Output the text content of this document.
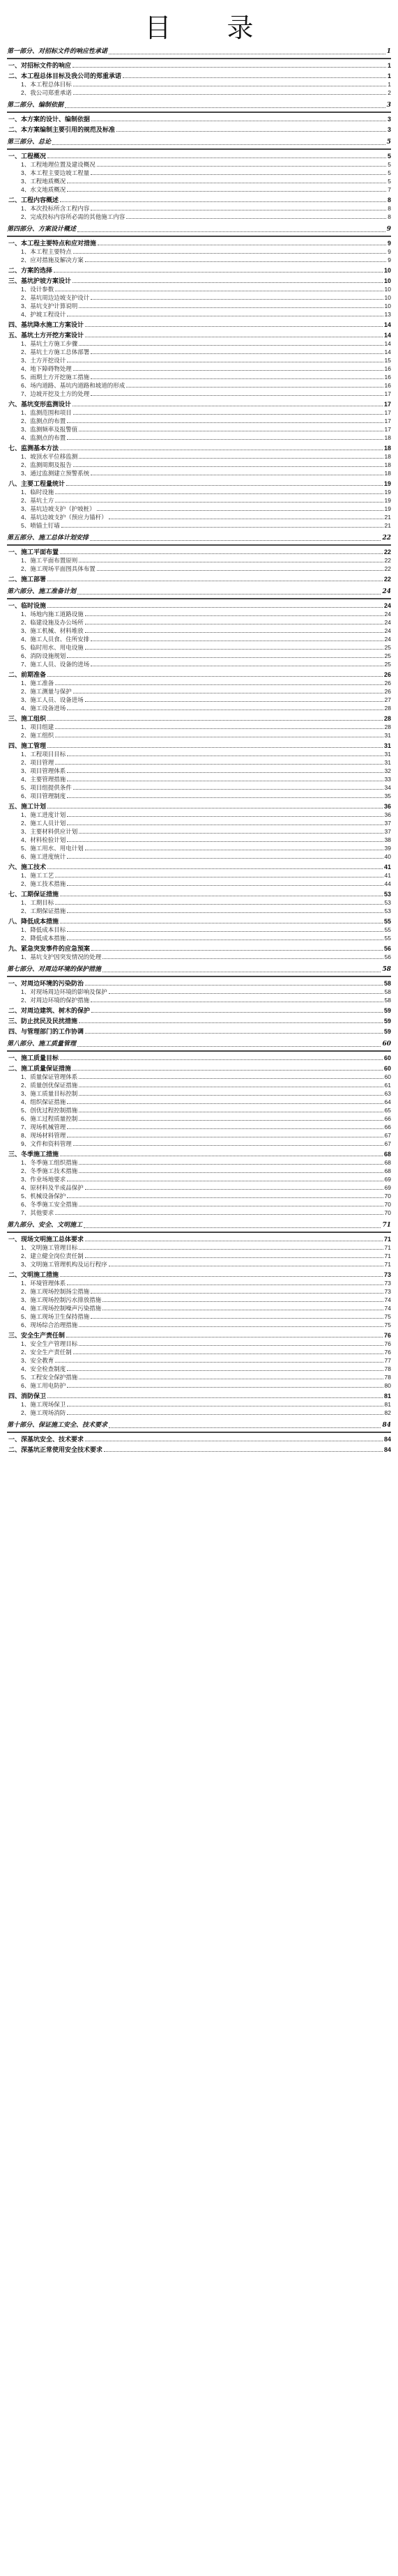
目 录
第一部分、对招标文件的响应性承诺	1
一、对招标文件的响应	1
二、本工程总体目标及我公司的郑重承诺	1
1、本工程总体目标	1
2、我公司郑重承诺	2
第二部分、编制依据	3
一、本方案的设计、编制依据	3
二、本方案编制主要引用的规范及标准	3
第三部分、总论	5
一、工程概况	5
1、工程地理位置及建设概况	5
3、本工程主要边坡工程量	5
3、工程地质概况	5
4、水文地质概况	7
二、工程内容概述	8
1、本次投标所含工程内容	8
2、完成投标内容所必需的其他施工内容	8
第四部分、方案设计概述	9
一、本工程主要特点和应对措施	9
1、本工程主要特点	9
2、应对措施及解决方案	9
二、方案的选择	10
三、基坑护坡方案设计	10
1、设计参数	10
2、基坑周边边坡支护设计	10
3、基坑支护计算说明	10
4、护坡工程设计	13
四、基坑降水施工方案设计	14
五、基坑土方开挖方案设计	14
1、基坑土方施工步骤	14
2、基坑土方施工总体部署	14
3、土方开挖设计	15
4、地下障碍物处理	16
5、雨期土方开挖施工措施	16
6、场内道路、基坑内道路和坡道的形成	16
7、边坡开挖及土方的处理	17
六、基坑变形监测设计	17
1、监测范围和项目	17
2、监测点的布置	17
3、监测频率及报警值	17
4、监测点的布置	18
七、监测基本方法	18
1、坡顶水平位移监测	18
2、监测周期及报告	18
3、通过监测建立预警系统	18
八、主要工程量统计	19
1、临时设施	19
2、基坑土方	19
3、基坑边坡支护（护坡桩）	19
4、基坑边坡支护（预应力锚杆）	21
5、喷锚土钉墙	21
第五部分、施工总体计划安排	22
一、施工平面布置	22
1、施工平面布置原则	22
2、施工现场平面图具体布置	22
二、施工部署	22
第六部分、施工准备计划	24
一、临时设施	24
1、场地内施工道路设施	24
2、临建设施及办公场所	24
3、施工机械、材料堆放	24
4、施工人员食、住所安排	24
5、临时用水、用电设施	25
6、消防设施规划	25
7、施工人员、设备的进场	25
二、前期准备	26
1、施工准备	26
2、施工测量与保护	26
3、施工人员、设备进场	27
4、施工设备进场	28
三、施工组织	28
1、项目组建	28
2、施工组织	31
四、施工管理	31
1、工程项目目标	31
2、项目管理	31
3、项目管理体系	32
4、主要管理措施	33
5、项目组提供条件	34
6、项目管理制度	35
五、施工计划	36
1、施工进度计划	36
2、施工人员计划	37
3、主要材料供应计划	37
4、材料检验计划	38
5、施工用水、用电计划	39
6、施工进度统计	40
六、施工技术	41
1、施工工艺	41
2、施工技术措施	44
七、工期保证措施	53
1、工期目标	53
2、工期保证措施	53
八、降低成本措施	55
1、降低成本目标	55
2、降低成本措施	55
九、紧急突发事件的应急预案	56
1、基坑支护因突发情况的处理	56
第七部分、对周边环境的保护措施	58
一、对周边环境的污染防治	58
1、对现场周边环境的影响及保护	58
2、对周边环境的保护措施	58
二、对周边建筑、树木的保护	59
三、防止扰民及民扰措施	59
四、与管理部门的工作协调	59
第八部分、施工质量管理	60
一、施工质量目标	60
二、施工质量保证措施	60
1、质量保证管理体系	60
2、质量创优保证措施	61
3、施工质量目标控制	63
4、组织保证措施	64
5、创优过程控制措施	65
6、施工过程质量控制	66
7、现场机械管理	66
8、现场材料管理	67
9、文件和资料管理	67
三、冬季施工措施	68
1、冬季施工组织措施	68
2、冬季施工技术措施	68
3、作业场地要求	69
4、原材料及半成品保护	69
5、机械设备保护	70
6、冬季施工安全措施	70
7、其他要求	70
第九部分、安全、文明施工	71
一、现场文明施工总体要求	71
1、文明施工管理目标	71
2、建立健全岗位责任制	71
3、文明施工管理机构及运行程序	71
二、文明施工措施	73
1、环境管理体系	73
2、施工现场控制扬尘措施	73
3、施工现场控制污水排放措施	74
4、施工现场控制噪声污染措施	74
5、施工现场卫生保持措施	75
6、现场综合治理措施	75
三、安全生产责任制	76
1、安全生产管理目标	76
2、安全生产责任制	76
3、安全教育	77
4、安全检查制度	78
5、工程安全保护措施	78
6、施工用电防护	80
四、消防保卫	81
1、施工现场保卫	81
2、施工现场消防	82
第十部分、保证施工安全、技术要求	84
一、深基坑安全、技术要求	84
二、深基坑正常使用安全技术要求	84
